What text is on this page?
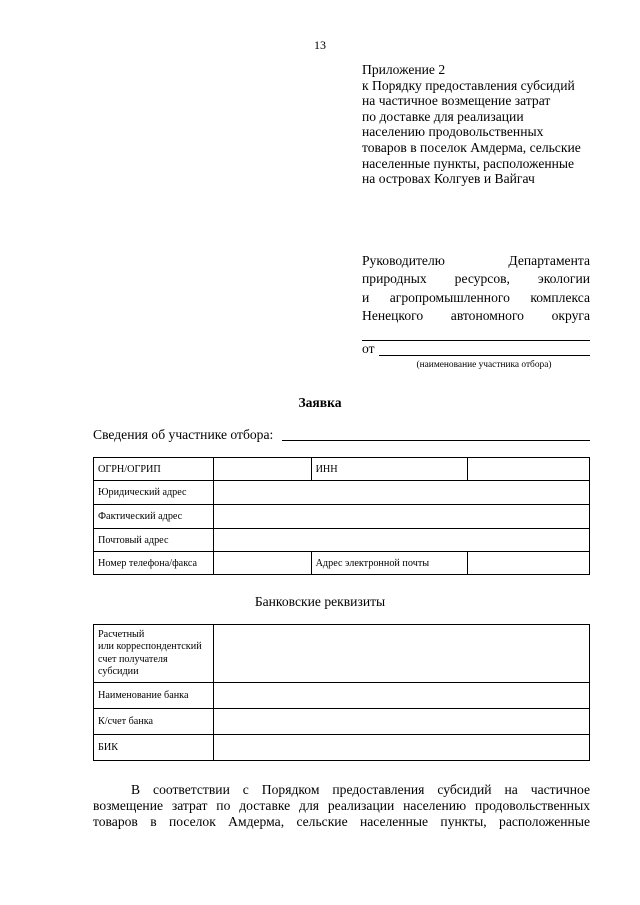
13
Приложение 2
к Порядку предоставления субсидий
на частичное возмещение затрат
по доставке для реализации
населению продовольственных
товаров в поселок Амдерма, сельские
населенные пункты, расположенные
на островах Колгуев и Вайгач
Руководителю Департамента
природных ресурсов, экологии
и агропромышленного комплекса
Ненецкого автономного округа
от
(наименование участника отбора)
Заявка
Сведения об участнике отбора:
ОГРН/ОГРИП		ИНН	
Юридический адрес			
Фактический адрес			
Почтовый адрес			
Номер телефона/факса		Адрес электронной почты	
Банковские реквизиты
Расчетный
или корреспондентский
счет получателя
субсидии	

Наименование банка	
К/счет банка	
БИК	
В соответствии с Порядком предоставления субсидий на частичное
возмещение затрат по доставке для реализации населению продовольственных
товаров в поселок Амдерма, сельские населенные пункты, расположенные
